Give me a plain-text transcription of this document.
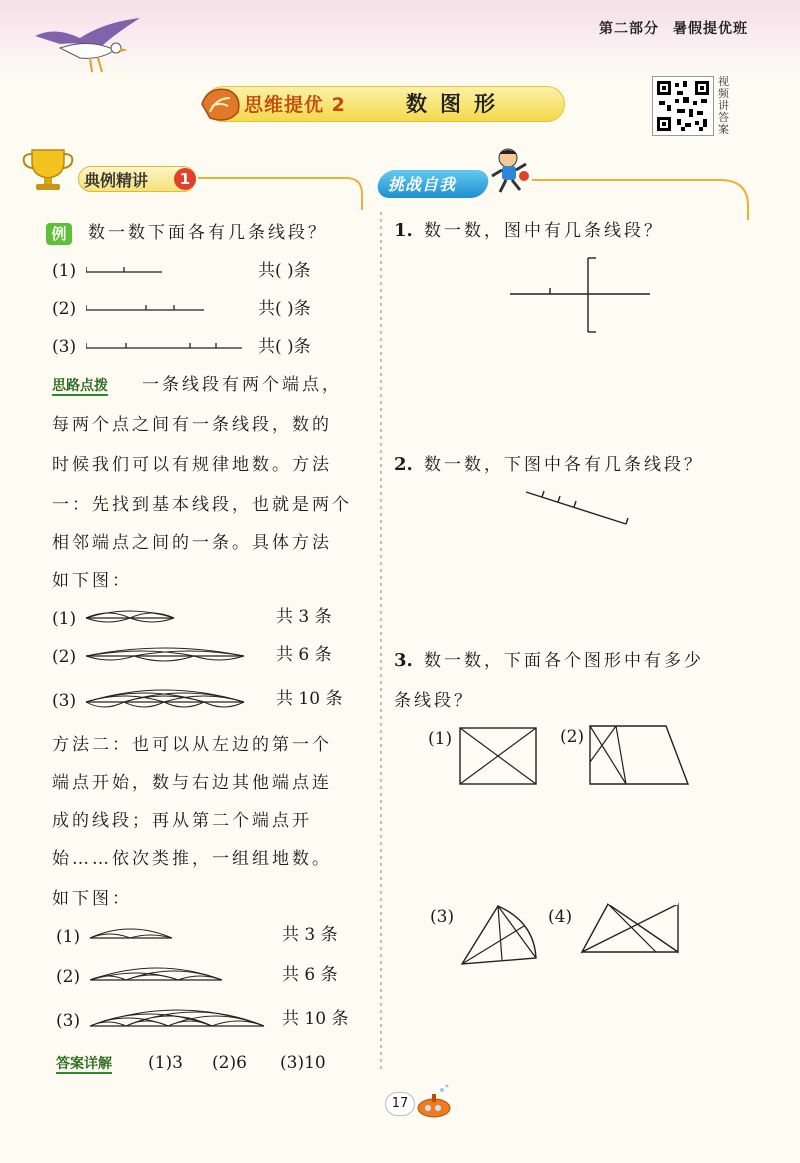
第二部分 暑假提优班
思维提优 2	数图形
视频讲答案
典例精讲	1	挑战自我
例	数一数下面各有几条线段？
(1)	共( )条
(2)	共( )条
(3)	共( )条
思路点拨 一条线段有两个端点，
每两个点之间有一条线段，数的
时候我们可以有规律地数。方法
一：先找到基本线段，也就是两个
相邻端点之间的一条。具体方法
如下图：
(1)	共 3 条
(2)	共 6 条
(3)	共 10 条
方法二：也可以从左边的第一个
端点开始，数与右边其他端点连
成的线段；再从第二个端点开
始……依次类推，一组组地数。
如下图：
(1)	共 3 条
(2)	共 6 条
(3)	共 10 条
答案详解 (1)3 (2)6 (3)10
1. 数一数，图中有几条线段？
2. 数一数，下图中各有几条线段？
3. 数一数，下面各个图形中有多少
条线段？
(1)	(2)
(3)	(4)
17
